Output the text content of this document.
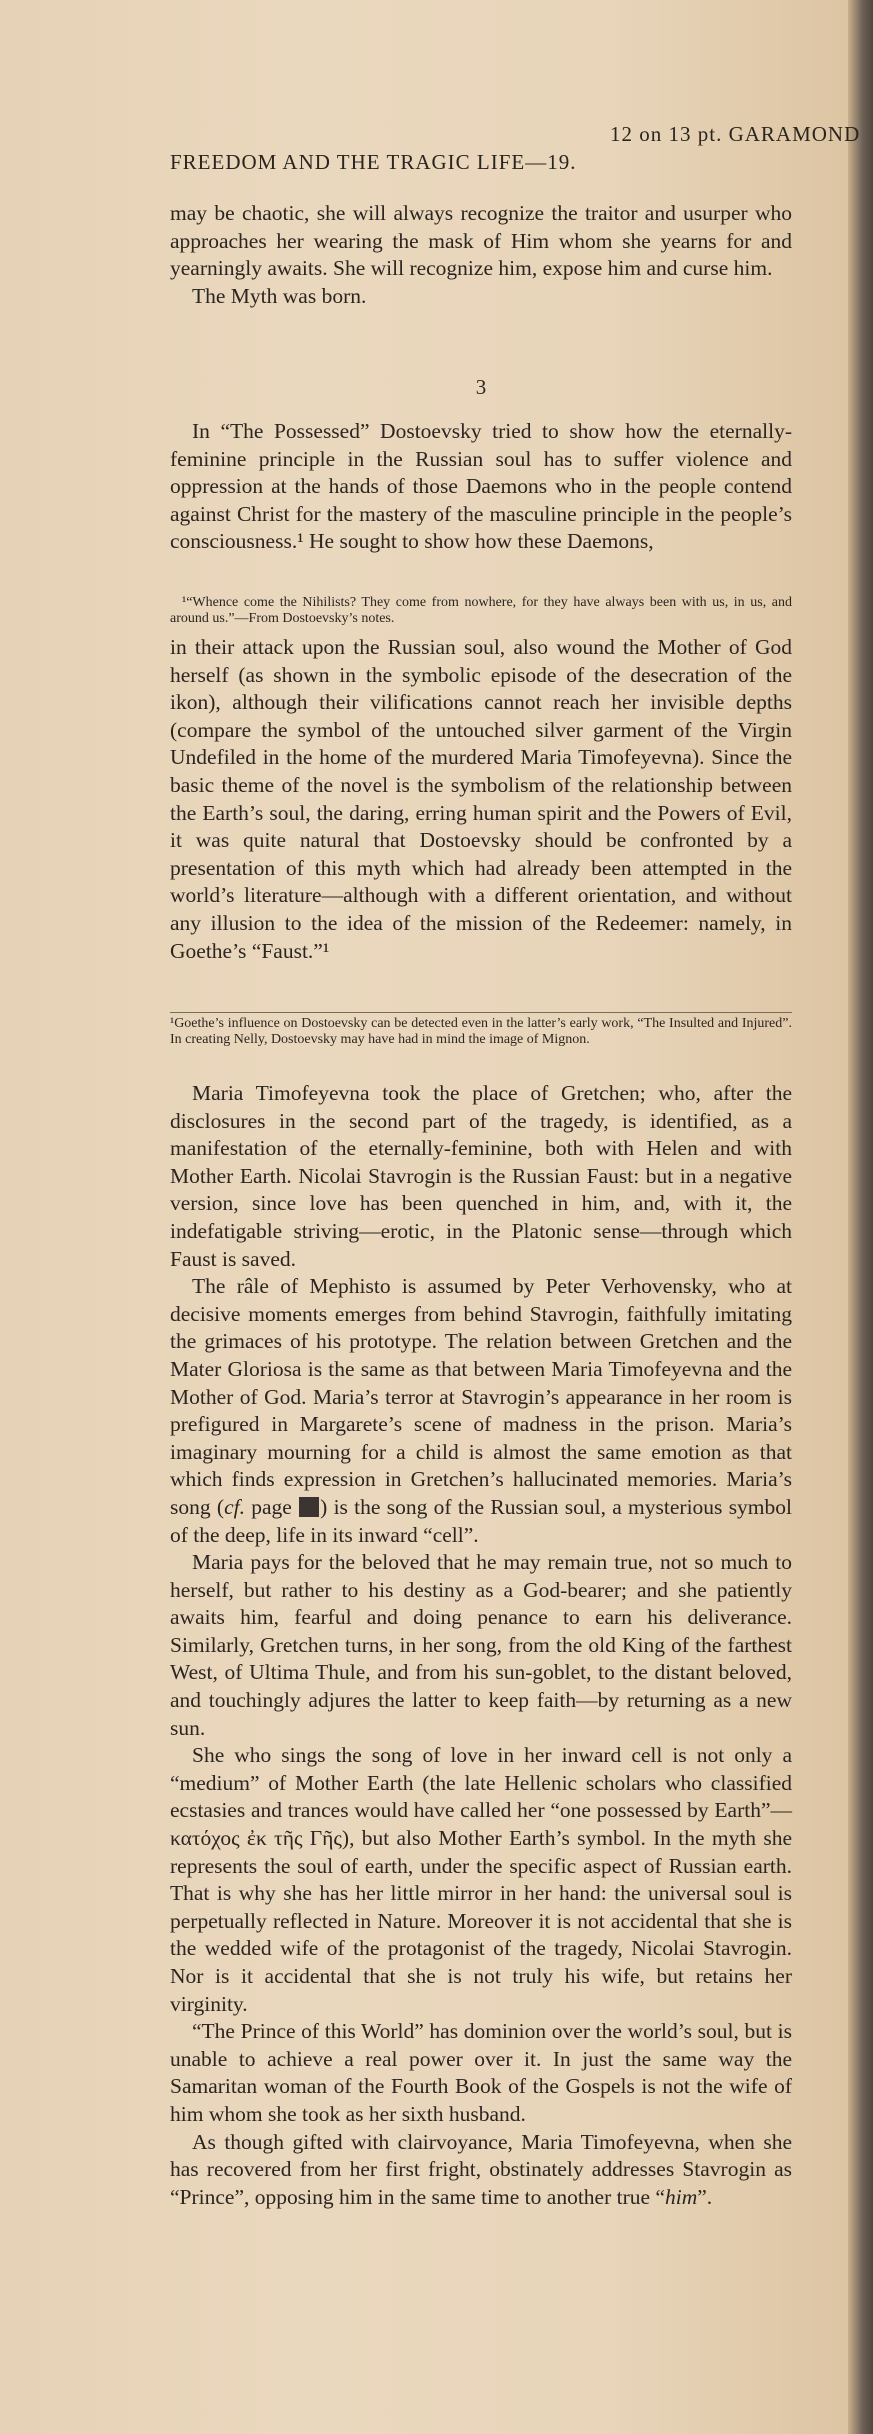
12 on 13 pt. GARAMOND
FREEDOM AND THE TRAGIC LIFE—19.

may be chaotic, she will always recognize the traitor and usurper who approaches her wearing the mask of Him whom she yearns for and yearningly awaits. She will recognize him, expose him and curse him.

The Myth was born.

3

In “The Possessed” Dostoevsky tried to show how the eternally-feminine principle in the Russian soul has to suffer violence and oppression at the hands of those Daemons who in the people contend against Christ for the mastery of the masculine principle in the people’s consciousness.¹ He sought to show how these Daemons,

¹“Whence come the Nihilists? They come from nowhere, for they have always been with us, in us, and around us.”—From Dostoevsky’s notes.

in their attack upon the Russian soul, also wound the Mother of God herself (as shown in the symbolic episode of the desecration of the ikon), although their vilifications cannot reach her invisible depths (compare the symbol of the untouched silver garment of the Virgin Undefiled in the home of the murdered Maria Timofeyevna). Since the basic theme of the novel is the symbolism of the relationship between the Earth’s soul, the daring, erring human spirit and the Powers of Evil, it was quite natural that Dostoevsky should be confronted by a presentation of this myth which had already been attempted in the world’s literature—although with a different orientation, and without any illusion to the idea of the mission of the Redeemer: namely, in Goethe’s “Faust.”¹

¹Goethe’s influence on Dostoevsky can be detected even in the latter’s early work, “The Insulted and Injured”. In creating Nelly, Dostoevsky may have had in mind the image of Mignon.

Maria Timofeyevna took the place of Gretchen; who, after the disclosures in the second part of the tragedy, is identified, as a manifestation of the eternally-feminine, both with Helen and with Mother Earth. Nicolai Stavrogin is the Russian Faust: but in a negative version, since love has been quenched in him, and, with it, the indefatigable striving—erotic, in the Platonic sense—through which Faust is saved.

The râle of Mephisto is assumed by Peter Verhovensky, who at decisive moments emerges from behind Stavrogin, faithfully imitating the grimaces of his prototype. The relation between Gretchen and the Mater Gloriosa is the same as that between Maria Timofeyevna and the Mother of God. Maria’s terror at Stavrogin’s appearance in her room is prefigured in Margarete’s scene of madness in the prison. Maria’s imaginary mourning for a child is almost the same emotion as that which finds expression in Gretchen’s hallucinated memories. Maria’s song (cf. page ) is the song of the Russian soul, a mysterious symbol of the deep, life in its inward “cell”.

Maria pays for the beloved that he may remain true, not so much to herself, but rather to his destiny as a God-bearer; and she patiently awaits him, fearful and doing penance to earn his deliverance. Similarly, Gretchen turns, in her song, from the old King of the farthest West, of Ultima Thule, and from his sun-goblet, to the distant beloved, and touchingly adjures the latter to keep faith—by returning as a new sun.

She who sings the song of love in her inward cell is not only a “medium” of Mother Earth (the late Hellenic scholars who classified ecstasies and trances would have called her “one possessed by Earth”—κατόχος ἐκ τῆς Γῆς), but also Mother Earth’s symbol. In the myth she represents the soul of earth, under the specific aspect of Russian earth. That is why she has her little mirror in her hand: the universal soul is perpetually reflected in Nature. Moreover it is not accidental that she is the wedded wife of the protagonist of the tragedy, Nicolai Stavrogin. Nor is it accidental that she is not truly his wife, but retains her virginity.

“The Prince of this World” has dominion over the world’s soul, but is unable to achieve a real power over it. In just the same way the Samaritan woman of the Fourth Book of the Gospels is not the wife of him whom she took as her sixth husband.

As though gifted with clairvoyance, Maria Timofeyevna, when she has recovered from her first fright, obstinately addresses Stavrogin as “Prince”, opposing him in the same time to another true “him”.
